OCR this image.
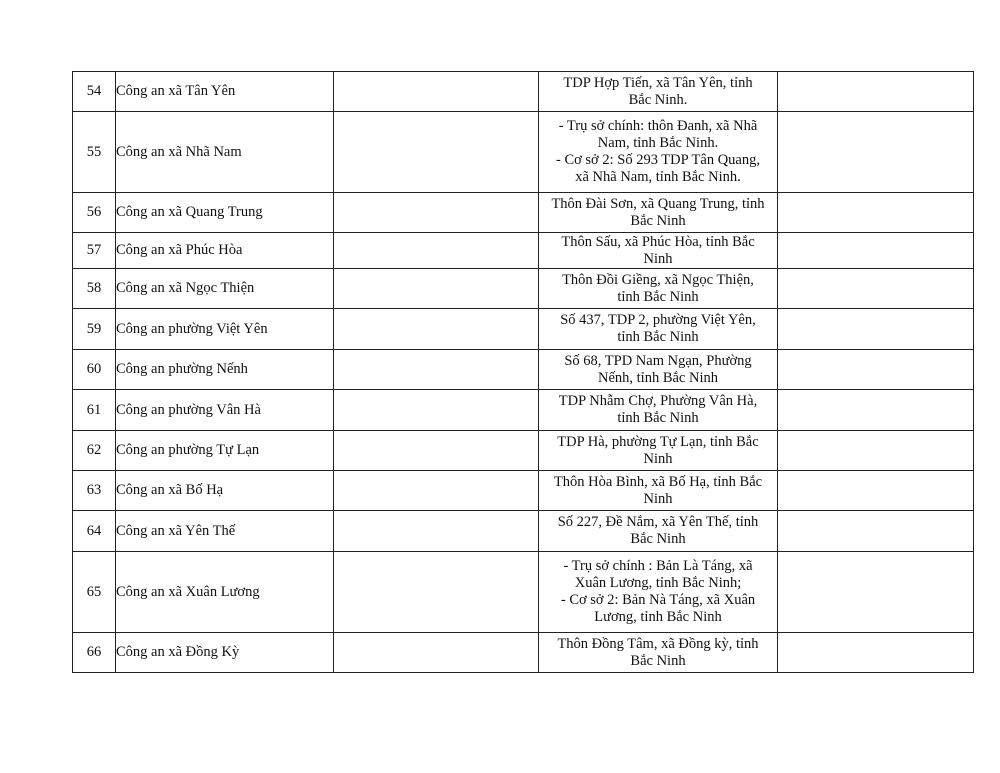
54	Công an xã Tân Yên		TDP Hợp Tiến, xã Tân Yên, tỉnh
Bắc Ninh.	

55	Công an xã Nhã Nam		- Trụ sở chính: thôn Đanh, xã Nhã
Nam, tỉnh Bắc Ninh.
- Cơ sở 2: Số 293 TDP Tân Quang,
xã Nhã Nam, tỉnh Bắc Ninh.	

56	Công an xã Quang Trung		Thôn Đài Sơn, xã Quang Trung, tỉnh
Bắc Ninh	

57	Công an xã Phúc Hòa		Thôn Sấu, xã Phúc Hòa, tỉnh Bắc
Ninh	

58	Công an xã Ngọc Thiện		Thôn Đồi Giềng, xã Ngọc Thiện,
tỉnh Bắc Ninh	

59	Công an phường Việt Yên		Số 437, TDP 2, phường Việt Yên,
tỉnh Bắc Ninh	

60	Công an phường Nếnh		Số 68, TPD Nam Ngạn, Phường
Nếnh, tỉnh Bắc Ninh	

61	Công an phường Vân Hà		TDP Nhẫm Chợ, Phường Vân Hà,
tỉnh Bắc Ninh	

62	Công an phường Tự Lạn		TDP Hà, phường Tự Lạn, tỉnh Bắc
Ninh	

63	Công an xã Bố Hạ		Thôn Hòa Bình, xã Bố Hạ, tỉnh Bắc
Ninh	

64	Công an xã Yên Thế		Số 227, Đề Nắm, xã Yên Thế, tỉnh
Bắc Ninh	

65	Công an xã Xuân Lương		- Trụ sở chính : Bản Là Táng, xã
Xuân Lương, tỉnh Bắc Ninh;
- Cơ sở 2: Bản Nà Táng, xã Xuân
Lương, tỉnh Bắc Ninh	

66	Công an xã Đồng Kỳ		Thôn Đồng Tâm, xã Đồng kỳ, tỉnh
Bắc Ninh	
